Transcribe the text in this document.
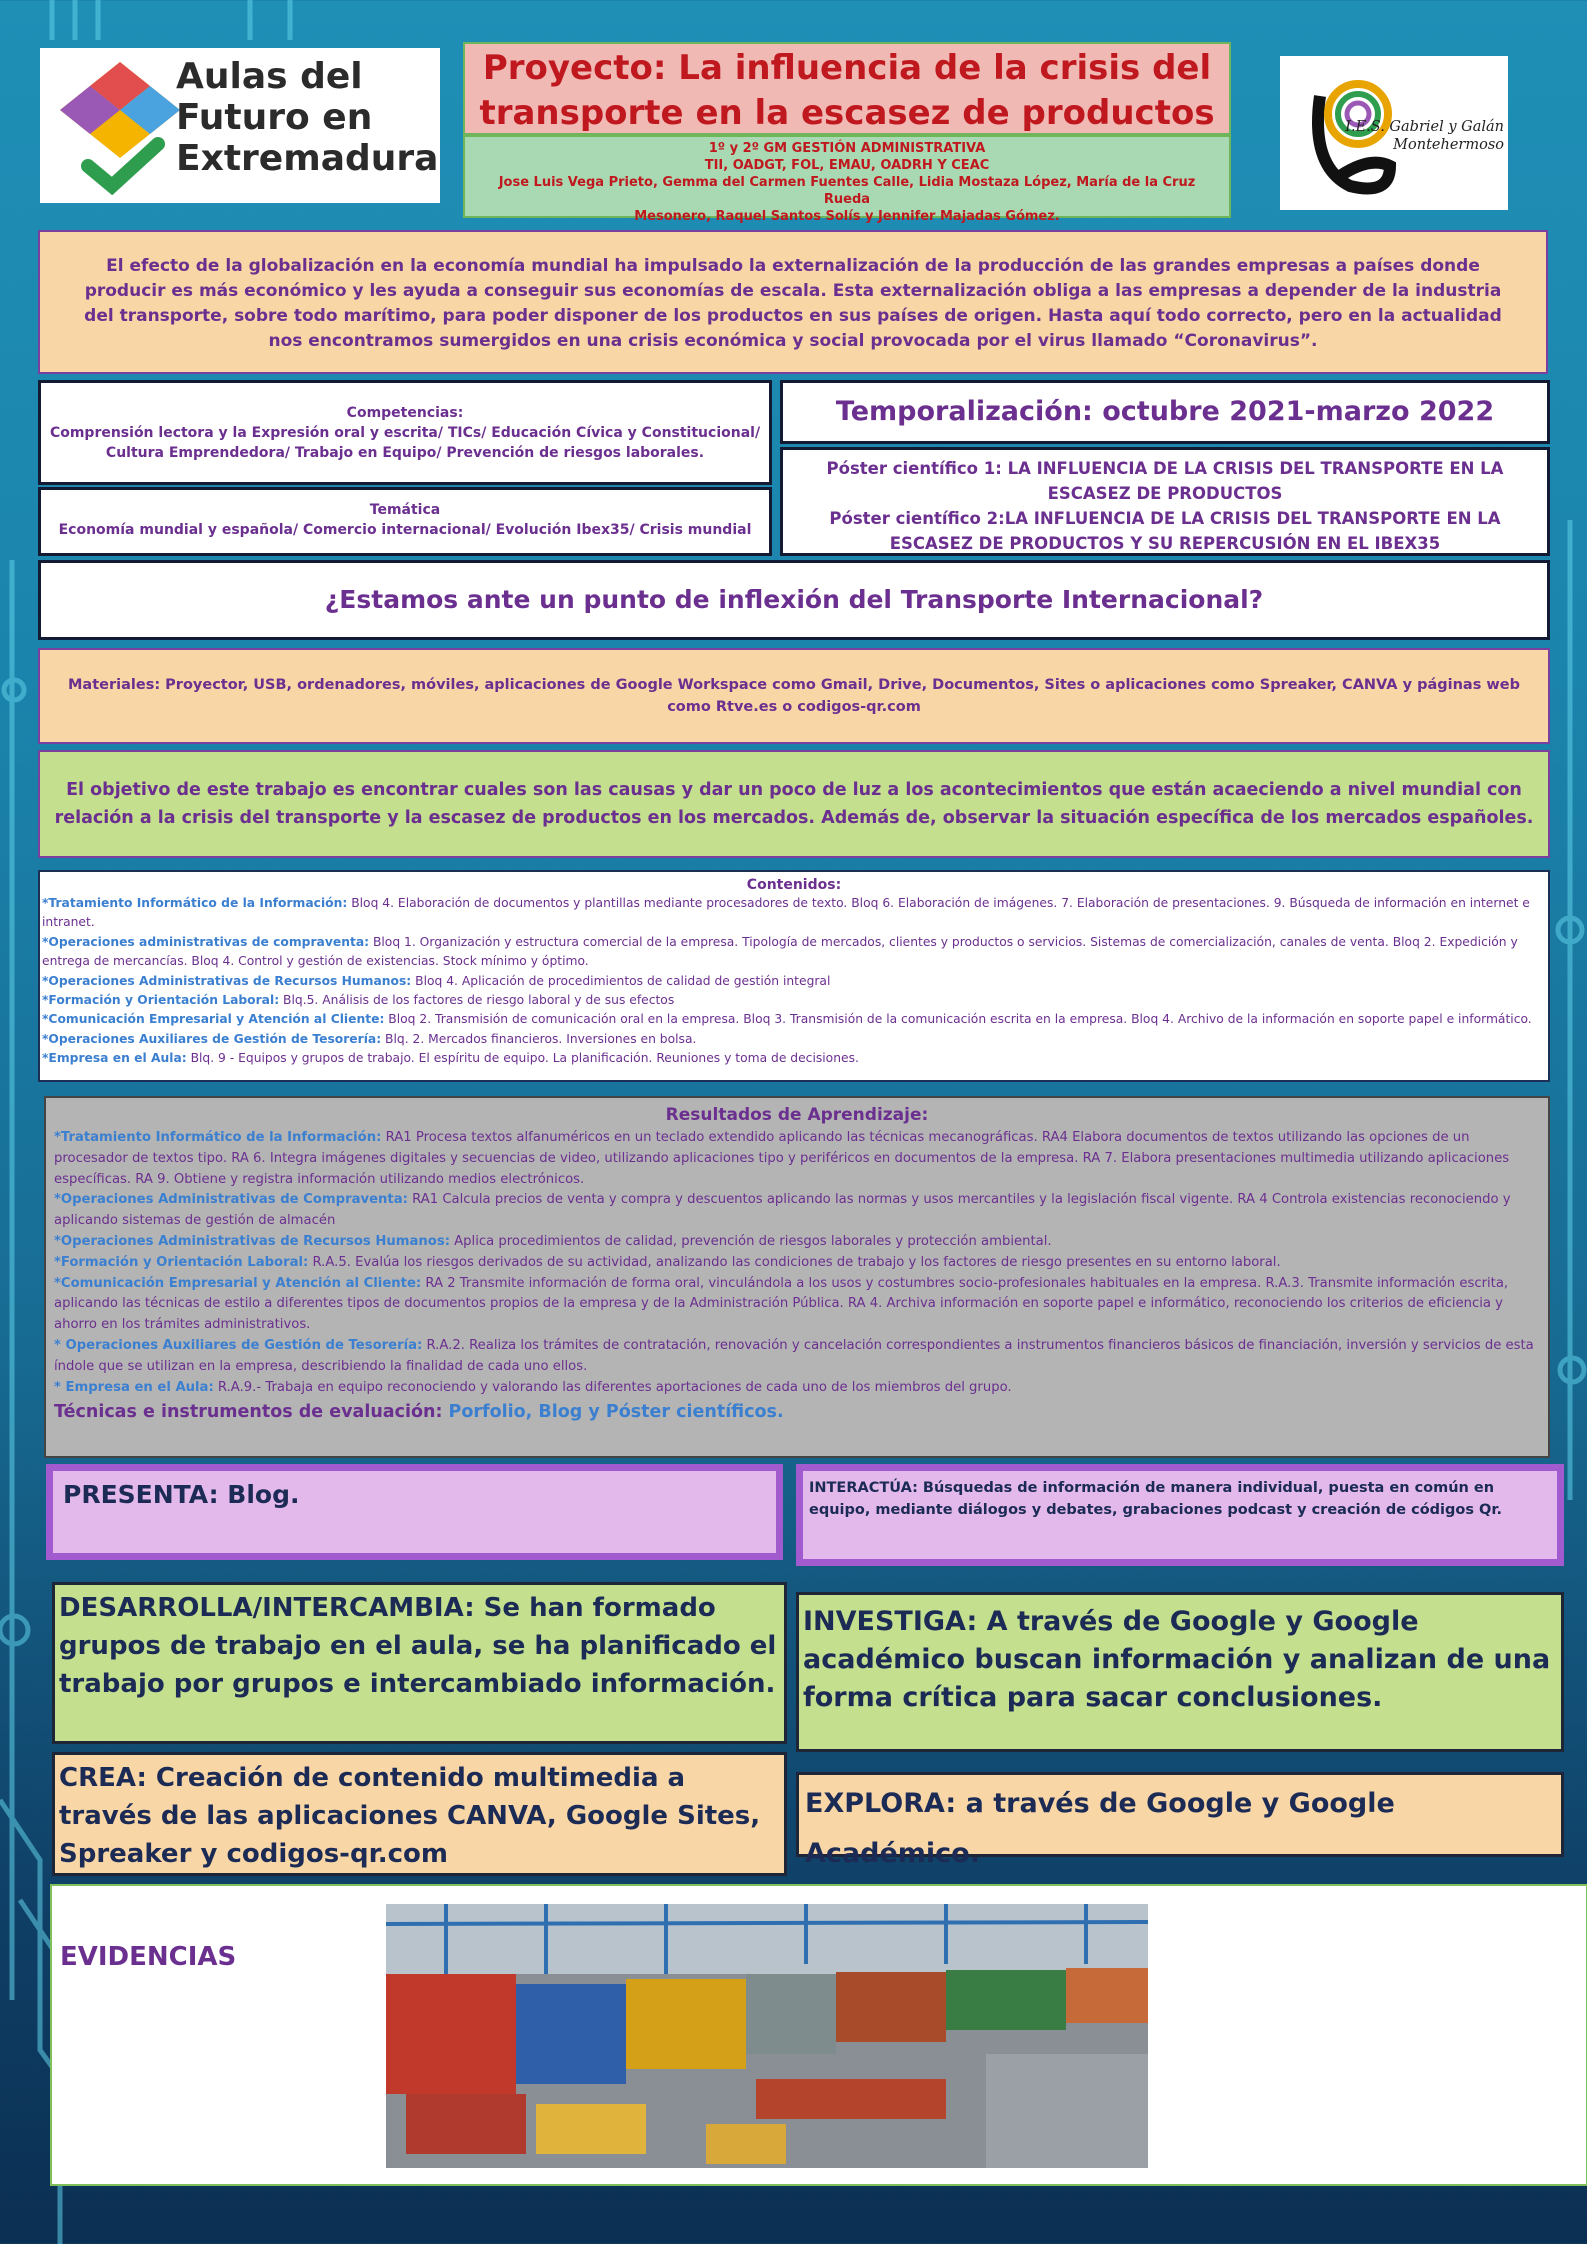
Aulas del
Futuro en
Extremadura
Proyecto: La influencia de la crisis del
transporte en la escasez de productos
1º y 2º GM GESTIÓN ADMINISTRATIVA
TII, OADGT, FOL, EMAU, OADRH Y CEAC
Jose Luis Vega Prieto, Gemma del Carmen Fuentes Calle, Lidia Mostaza López, María de la Cruz Rueda
Mesonero, Raquel Santos Solís y Jennifer Majadas Gómez.
I.E.S. Gabriel y Galán
Montehermoso

El efecto de la globalización en la economía mundial ha impulsado la externalización de la producción de las grandes empresas a países donde producir es más económico y les ayuda a conseguir sus economías de escala. Esta externalización obliga a las empresas a depender de la industria del transporte, sobre todo marítimo, para poder disponer de los productos en sus países de origen. Hasta aquí todo correcto, pero en la actualidad nos encontramos sumergidos en una crisis económica y social provocada por el virus llamado “Coronavirus”.

Competencias:
Comprensión lectora y la Expresión oral y escrita/ TICs/ Educación Cívica y Constitucional/ Cultura Emprendedora/ Trabajo en Equipo/ Prevención de riesgos laborales.
Temática
Economía mundial y española/ Comercio internacional/ Evolución Ibex35/ Crisis mundial
Temporalización: octubre 2021-marzo 2022
Póster científico 1: LA INFLUENCIA DE LA CRISIS DEL TRANSPORTE EN LA ESCASEZ DE PRODUCTOS
Póster científico 2:LA INFLUENCIA DE LA CRISIS DEL TRANSPORTE EN LA ESCASEZ DE PRODUCTOS Y SU REPERCUSIÓN EN EL IBEX35
¿Estamos ante un punto de inflexión del Transporte Internacional?
Materiales: Proyector, USB, ordenadores, móviles, aplicaciones de Google Workspace como Gmail, Drive, Documentos, Sites o aplicaciones como Spreaker, CANVA y páginas web como Rtve.es o codigos-qr.com
El objetivo de este trabajo es encontrar cuales son las causas y dar un poco de luz a los acontecimientos que están acaeciendo a nivel mundial con relación a la crisis del transporte y la escasez de productos en los mercados. Además de, observar la situación específica de los mercados españoles.
Contenidos:
*Tratamiento Informático de la Información: Bloq 4. Elaboración de documentos y plantillas mediante procesadores de texto. Bloq 6. Elaboración de imágenes. 7. Elaboración de presentaciones. 9. Búsqueda de información en internet e intranet.
*Operaciones administrativas de compraventa: Bloq 1. Organización y estructura comercial de la empresa. Tipología de mercados, clientes y productos o servicios. Sistemas de comercialización, canales de venta. Bloq 2. Expedición y entrega de mercancías. Bloq 4. Control y gestión de existencias. Stock mínimo y óptimo.
*Operaciones Administrativas de Recursos Humanos: Bloq 4. Aplicación de procedimientos de calidad de gestión integral
*Formación y Orientación Laboral: Blq.5. Análisis de los factores de riesgo laboral y de sus efectos
*Comunicación Empresarial y Atención al Cliente: Bloq 2. Transmisión de comunicación oral en la empresa. Bloq 3. Transmisión de la comunicación escrita en la empresa. Bloq 4. Archivo de la información en soporte papel e informático.
*Operaciones Auxiliares de Gestión de Tesorería: Blq. 2. Mercados financieros. Inversiones en bolsa.
*Empresa en el Aula: Blq. 9 - Equipos y grupos de trabajo. El espíritu de equipo. La planificación. Reuniones y toma de decisiones.
Resultados de Aprendizaje:
*Tratamiento Informático de la Información: RA1 Procesa textos alfanuméricos en un teclado extendido aplicando las técnicas mecanográficas. RA4 Elabora documentos de textos utilizando las opciones de un procesador de textos tipo. RA 6. Integra imágenes digitales y secuencias de video, utilizando aplicaciones tipo y periféricos en documentos de la empresa. RA 7. Elabora presentaciones multimedia utilizando aplicaciones específicas. RA 9. Obtiene y registra información utilizando medios electrónicos.
*Operaciones Administrativas de Compraventa: RA1 Calcula precios de venta y compra y descuentos aplicando las normas y usos mercantiles y la legislación fiscal vigente. RA 4 Controla existencias reconociendo y aplicando sistemas de gestión de almacén
*Operaciones Administrativas de Recursos Humanos: Aplica procedimientos de calidad, prevención de riesgos laborales y protección ambiental.
*Formación y Orientación Laboral: R.A.5. Evalúa los riesgos derivados de su actividad, analizando las condiciones de trabajo y los factores de riesgo presentes en su entorno laboral.
*Comunicación Empresarial y Atención al Cliente: RA 2 Transmite información de forma oral, vinculándola a los usos y costumbres socio-profesionales habituales en la empresa. R.A.3. Transmite información escrita, aplicando las técnicas de estilo a diferentes tipos de documentos propios de la empresa y de la Administración Pública. RA 4. Archiva información en soporte papel e informático, reconociendo los criterios de eficiencia y ahorro en los trámites administrativos.
* Operaciones Auxiliares de Gestión de Tesorería: R.A.2. Realiza los trámites de contratación, renovación y cancelación correspondientes a instrumentos financieros básicos de financiación, inversión y servicios de esta índole que se utilizan en la empresa, describiendo la finalidad de cada uno ellos.
* Empresa en el Aula: R.A.9.- Trabaja en equipo reconociendo y valorando las diferentes aportaciones de cada uno de los miembros del grupo.
Técnicas e instrumentos de evaluación: Porfolio, Blog y Póster científicos.
PRESENTA: Blog.	INTERACTÚA: Búsquedas de información de manera individual, puesta en común en equipo, mediante diálogos y debates, grabaciones podcast y creación de códigos Qr.
DESARROLLA/INTERCAMBIA: Se han formado grupos de trabajo en el aula, se ha planificado el trabajo por grupos e intercambiado información.
INVESTIGA: A través de Google y Google académico buscan información y analizan de una forma crítica para sacar conclusiones.
CREA: Creación de contenido multimedia a través de las aplicaciones CANVA, Google Sites, Spreaker y codigos-qr.com
EXPLORA: a través de Google y Google Académico.
EVIDENCIAS
